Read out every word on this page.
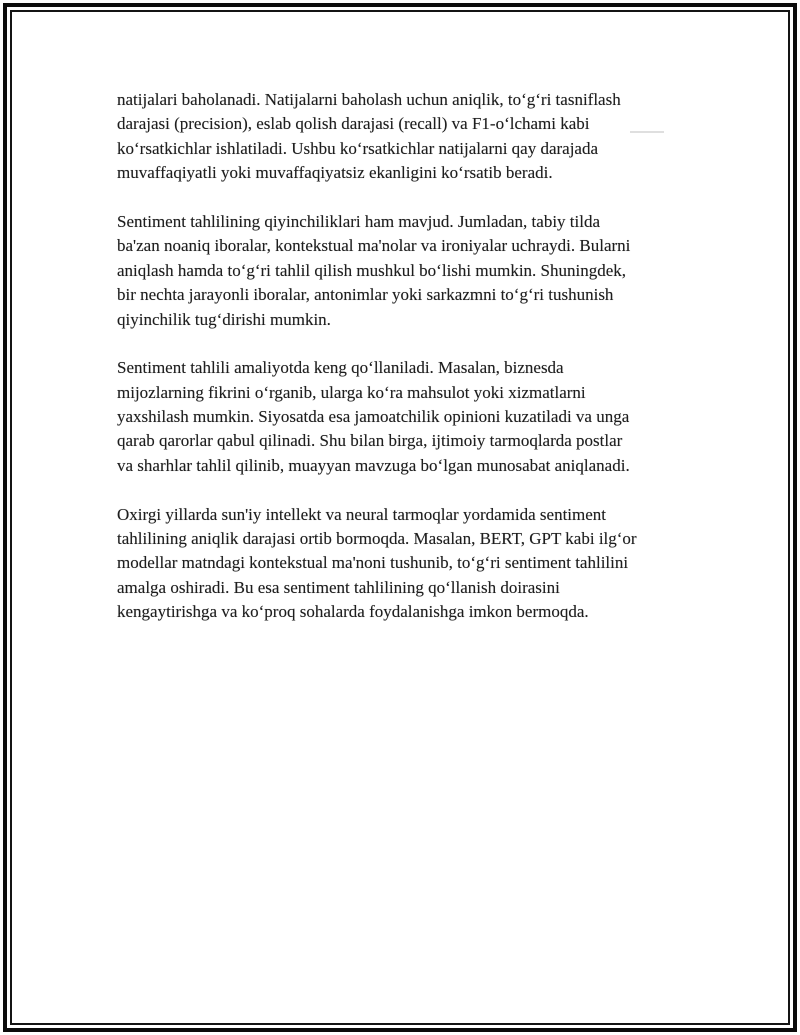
natijalari baholanadi. Natijalarni baholash uchun aniqlik, to‘g‘ri tasniflash
darajasi (precision), eslab qolish darajasi (recall) va F1-o‘lchami kabi
ko‘rsatkichlar ishlatiladi. Ushbu ko‘rsatkichlar natijalarni qay darajada
muvaffaqiyatli yoki muvaffaqiyatsiz ekanligini ko‘rsatib beradi.

Sentiment tahlilining qiyinchiliklari ham mavjud. Jumladan, tabiy tilda
ba'zan noaniq iboralar, kontekstual ma'nolar va ironiyalar uchraydi. Bularni
aniqlash hamda to‘g‘ri tahlil qilish mushkul bo‘lishi mumkin. Shuningdek,
bir nechta jarayonli iboralar, antonimlar yoki sarkazmni to‘g‘ri tushunish
qiyinchilik tug‘dirishi mumkin.

Sentiment tahlili amaliyotda keng qo‘llaniladi. Masalan, biznesda
mijozlarning fikrini o‘rganib, ularga ko‘ra mahsulot yoki xizmatlarni
yaxshilash mumkin. Siyosatda esa jamoatchilik opinioni kuzatiladi va unga
qarab qarorlar qabul qilinadi. Shu bilan birga, ijtimoiy tarmoqlarda postlar
va sharhlar tahlil qilinib, muayyan mavzuga bo‘lgan munosabat aniqlanadi.

Oxirgi yillarda sun'iy intellekt va neural tarmoqlar yordamida sentiment
tahlilining aniqlik darajasi ortib bormoqda. Masalan, BERT, GPT kabi ilg‘or
modellar matndagi kontekstual ma'noni tushunib, to‘g‘ri sentiment tahlilini
amalga oshiradi. Bu esa sentiment tahlilining qo‘llanish doirasini
kengaytirishga va ko‘proq sohalarda foydalanishga imkon bermoqda.
